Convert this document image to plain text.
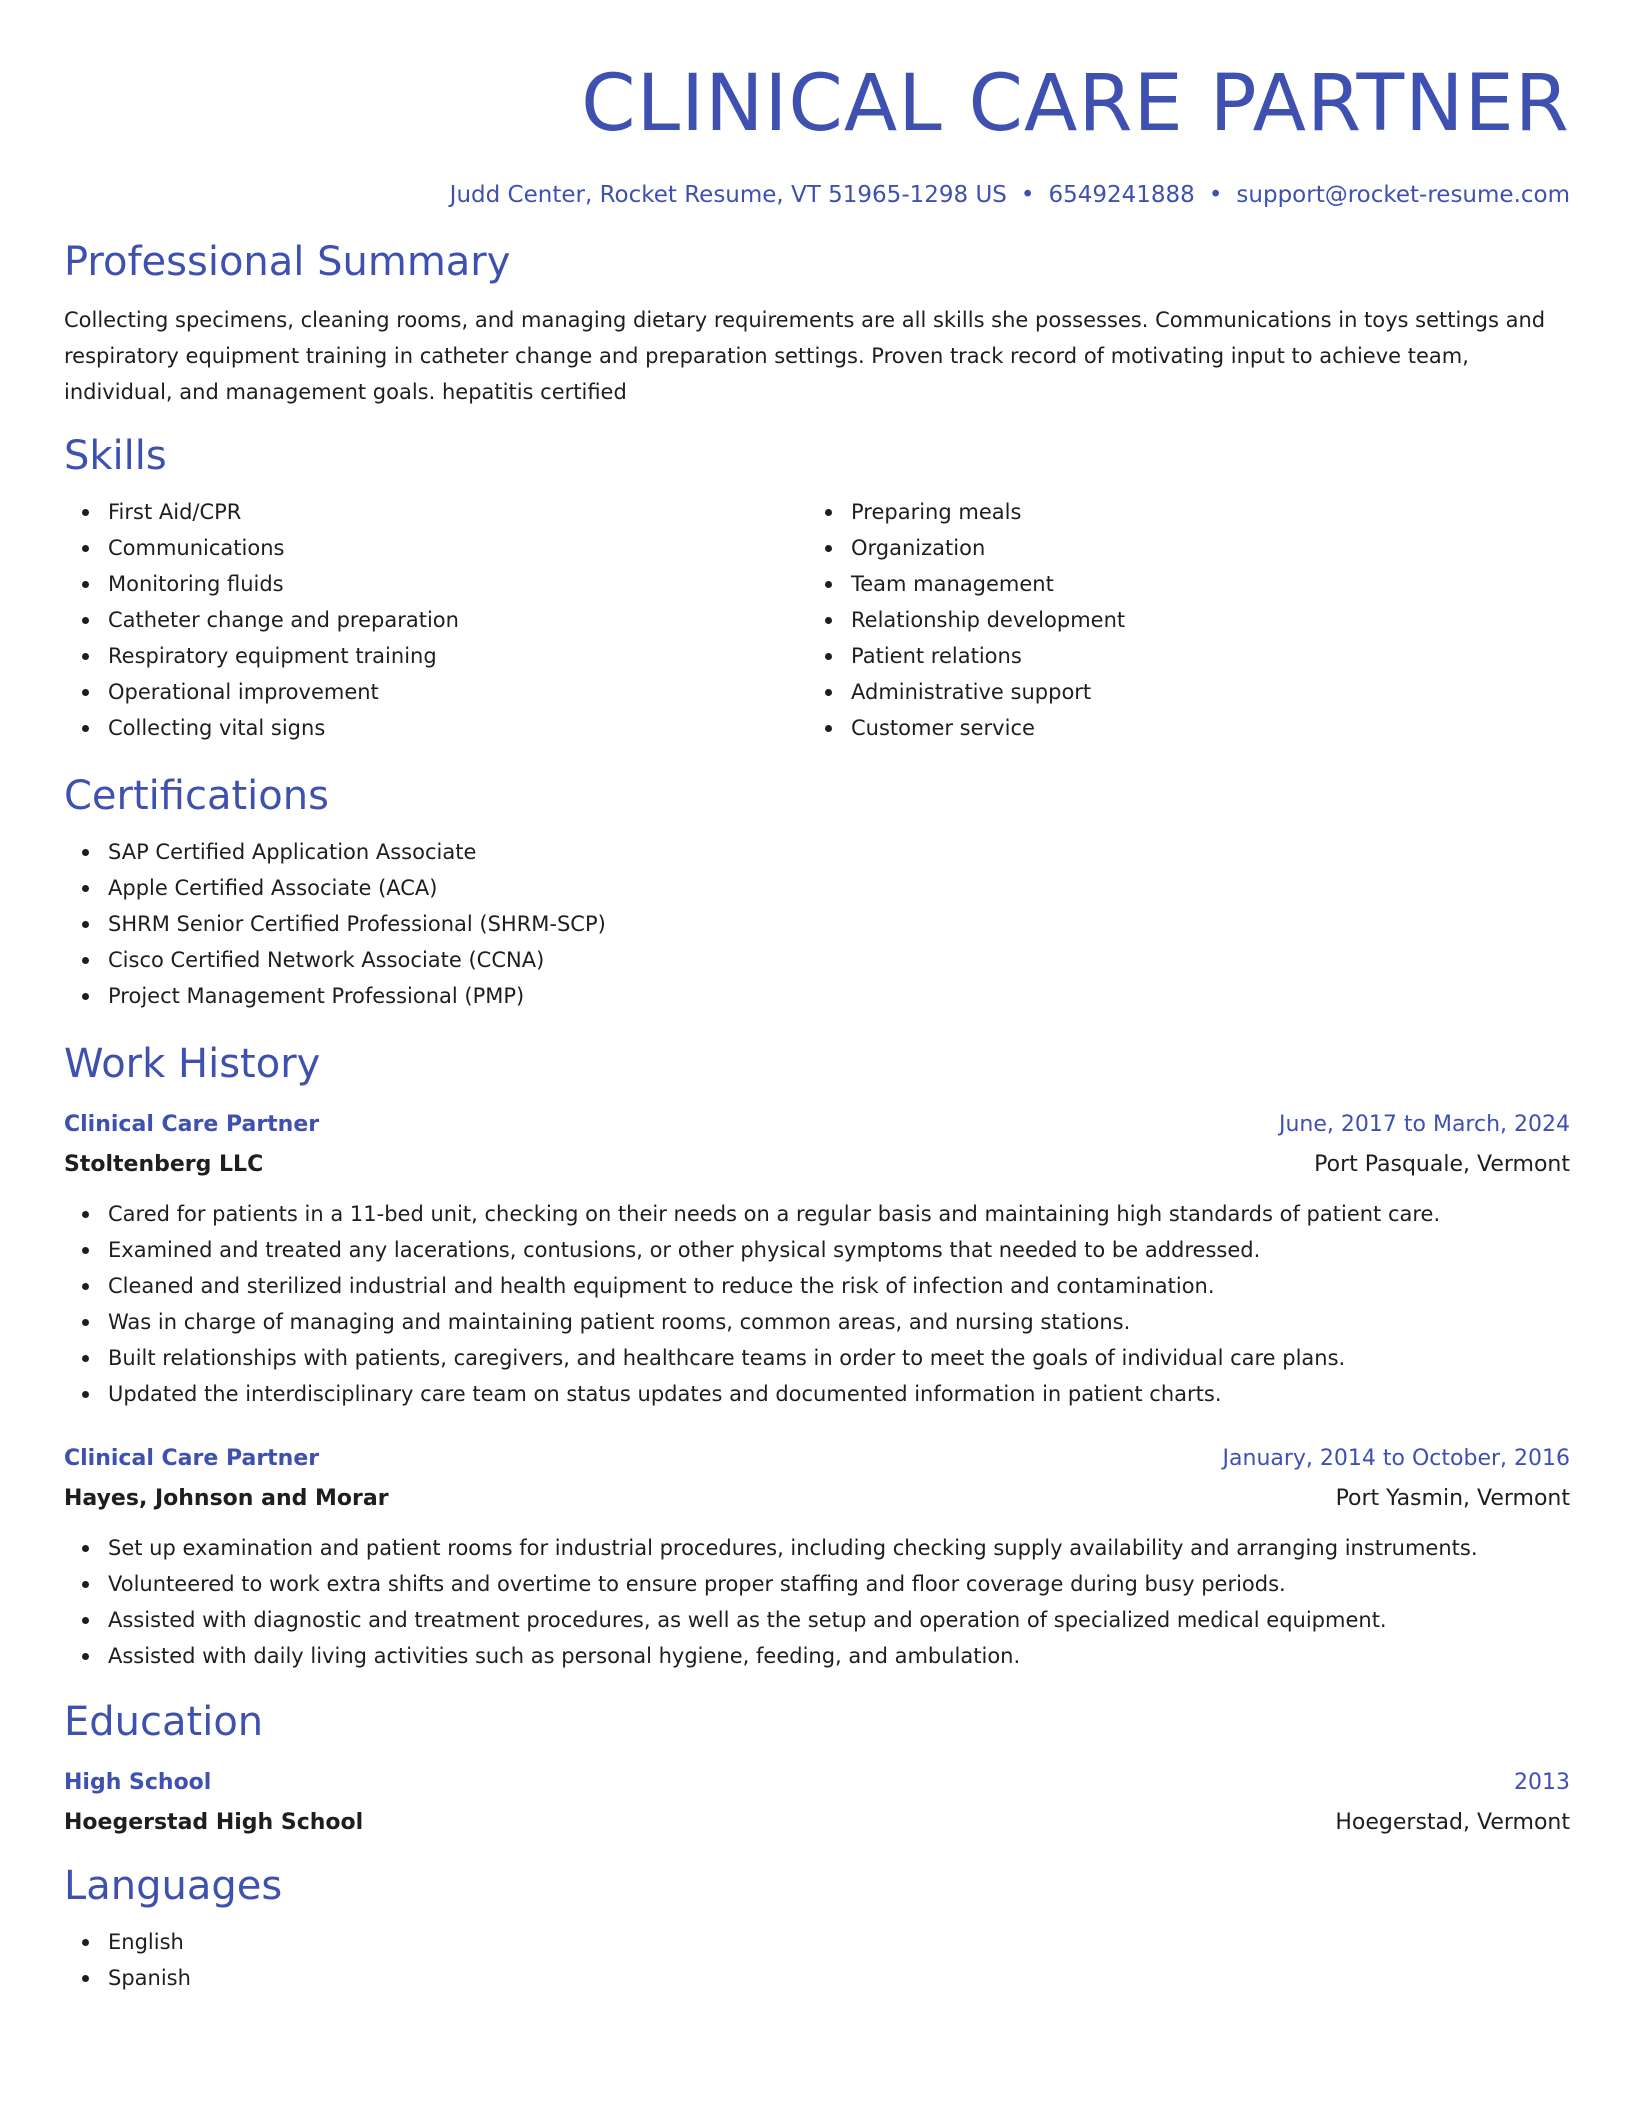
CLINICAL CARE PARTNER
Judd Center, Rocket Resume, VT 51965-1298 US • 6549241888 • support@rocket-resume.com
Professional Summary
Collecting specimens, cleaning rooms, and managing dietary requirements are all skills she possesses. Communications in toys settings and respiratory equipment training in catheter change and preparation settings. Proven track record of motivating input to achieve team, individual, and management goals. hepatitis certified
Skills
First Aid/CPR
Communications
Monitoring fluids
Catheter change and preparation
Respiratory equipment training
Operational improvement
Collecting vital signs
Preparing meals
Organization
Team management
Relationship development
Patient relations
Administrative support
Customer service
Certifications
SAP Certified Application Associate
Apple Certified Associate (ACA)
SHRM Senior Certified Professional (SHRM-SCP)
Cisco Certified Network Associate (CCNA)
Project Management Professional (PMP)
Work History
Clinical Care Partner	June, 2017 to March, 2024
Stoltenberg LLC	Port Pasquale, Vermont
Cared for patients in a 11-bed unit, checking on their needs on a regular basis and maintaining high standards of patient care.
Examined and treated any lacerations, contusions, or other physical symptoms that needed to be addressed.
Cleaned and sterilized industrial and health equipment to reduce the risk of infection and contamination.
Was in charge of managing and maintaining patient rooms, common areas, and nursing stations.
Built relationships with patients, caregivers, and healthcare teams in order to meet the goals of individual care plans.
Updated the interdisciplinary care team on status updates and documented information in patient charts.
Clinical Care Partner	January, 2014 to October, 2016
Hayes, Johnson and Morar	Port Yasmin, Vermont
Set up examination and patient rooms for industrial procedures, including checking supply availability and arranging instruments.
Volunteered to work extra shifts and overtime to ensure proper staffing and floor coverage during busy periods.
Assisted with diagnostic and treatment procedures, as well as the setup and operation of specialized medical equipment.
Assisted with daily living activities such as personal hygiene, feeding, and ambulation.
Education
High School	2013
Hoegerstad High School	Hoegerstad, Vermont
Languages
English
Spanish
